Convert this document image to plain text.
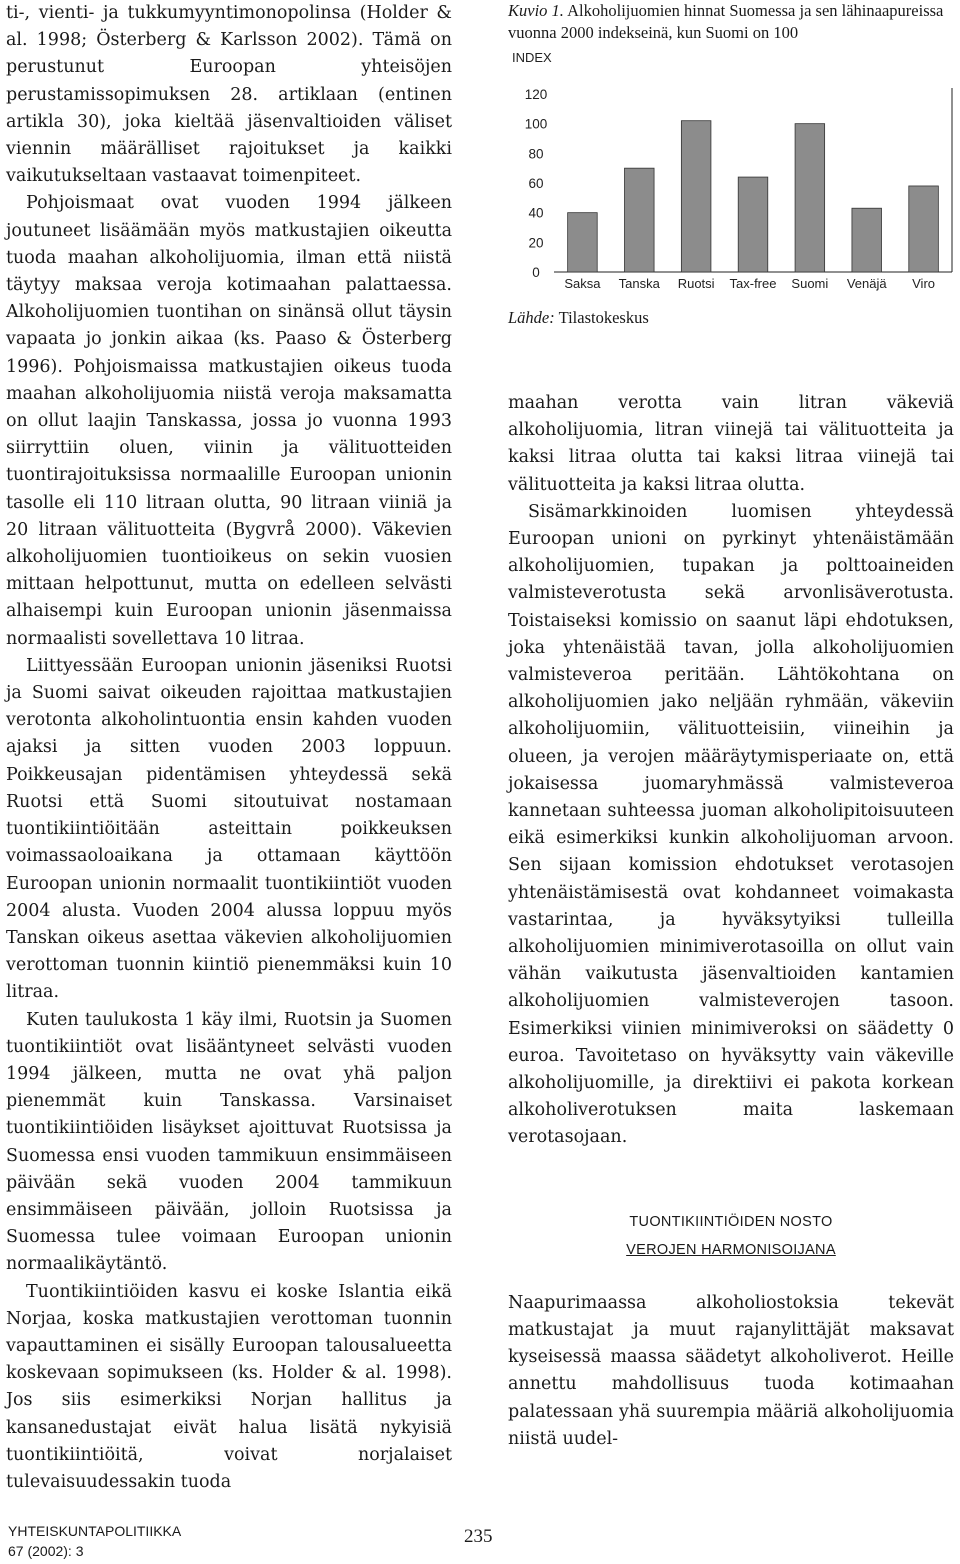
ti-, vienti- ja tukkumyyntimonopolinsa (Holder & al. 1998; Österberg & Karlsson 2002). Tämä on perustunut Euroopan yhteisöjen perustamissopimuksen 28. artiklaan (entinen artikla 30), joka kieltää jäsenvaltioiden väliset viennin määrälliset rajoitukset ja kaikki vaikutukseltaan vastaavat toimenpiteet.

Pohjoismaat ovat vuoden 1994 jälkeen joutuneet lisäämään myös matkustajien oikeutta tuoda maahan alkoholijuomia, ilman että niistä täytyy maksaa veroja kotimaahan palattaessa. Alkoholijuomien tuontihan on sinänsä ollut täysin vapaata jo jonkin aikaa (ks. Paaso & Österberg 1996). Pohjoismaissa matkustajien oikeus tuoda maahan alkoholijuomia niistä veroja maksamatta on ollut laajin Tanskassa, jossa jo vuonna 1993 siirryttiin oluen, viinin ja välituotteiden tuontirajoituksissa normaalille Euroopan unionin tasolle eli 110 litraan olutta, 90 litraan viiniä ja 20 litraan välituotteita (Bygvrå 2000). Väkevien alkoholijuomien tuontioikeus on sekin vuosien mittaan helpottunut, mutta on edelleen selvästi alhaisempi kuin Euroopan unionin jäsenmaissa normaalisti sovellettava 10 litraa.

Liittyessään Euroopan unionin jäseniksi Ruotsi ja Suomi saivat oikeuden rajoittaa matkustajien verotonta alkoholintuontia ensin kahden vuoden ajaksi ja sitten vuoden 2003 loppuun. Poikkeusajan pidentämisen yhteydessä sekä Ruotsi että Suomi sitoutuivat nostamaan tuontikiintiöitään asteittain poikkeuksen voimassaoloaikana ja ottamaan käyttöön Euroopan unionin normaalit tuontikiintiöt vuoden 2004 alusta. Vuoden 2004 alussa loppuu myös Tanskan oikeus asettaa väkevien alkoholijuomien verottoman tuonnin kiintiö pienemmäksi kuin 10 litraa.

Kuten taulukosta 1 käy ilmi, Ruotsin ja Suomen tuontikiintiöt ovat lisääntyneet selvästi vuoden 1994 jälkeen, mutta ne ovat yhä paljon pienemmät kuin Tanskassa. Varsinaiset tuontikiintiöiden lisäykset ajoittuvat Ruotsissa ja Suomessa ensi vuoden tammikuun ensimmäiseen päivään sekä vuoden 2004 tammikuun ensimmäiseen päivään, jolloin Ruotsissa ja Suomessa tulee voimaan Euroopan unionin normaalikäytäntö.

Tuontikiintiöiden kasvu ei koske Islantia eikä Norjaa, koska matkustajien verottoman tuonnin vapauttaminen ei sisälly Euroopan talousalueetta koskevaan sopimukseen (ks. Holder & al. 1998). Jos siis esimerkiksi Norjan hallitus ja kansanedustajat eivät halua lisätä nykyisiä tuontikiintiöitä, voivat norjalaiset tulevaisuudessakin tuoda

Kuvio 1. Alkoholijuomien hinnat Suomessa ja sen lähinaapureissa vuonna 2000 indekseinä, kun Suomi on 100

INDEX
0
20
40
60
80
100
120
Saksa Tanska Ruotsi Tax-free Suomi Venäjä Viro

Lähde: Tilastokeskus

maahan verotta vain litran väkeviä alkoholijuomia, litran viinejä tai välituotteita ja kaksi litraa olutta tai kaksi litraa viinejä tai välituotteita ja kaksi litraa olutta.

Sisämarkkinoiden luomisen yhteydessä Euroopan unioni on pyrkinyt yhtenäistämään alkoholijuomien, tupakan ja polttoaineiden valmisteverotusta sekä arvonlisäverotusta. Toistaiseksi komissio on saanut läpi ehdotuksen, joka yhtenäistää tavan, jolla alkoholijuomien valmisteveroa peritään. Lähtökohtana on alkoholijuomien jako neljään ryhmään, väkeviin alkoholijuomiin, välituotteisiin, viineihin ja olueen, ja verojen määräytymisperiaate on, että jokaisessa juomaryhmässä valmisteveroa kannetaan suhteessa juoman alkoholipitoisuuteen eikä esimerkiksi kunkin alkoholijuoman arvoon. Sen sijaan komission ehdotukset verotasojen yhtenäistämisestä ovat kohdanneet voimakasta vastarintaa, ja hyväksytyiksi tulleilla alkoholijuomien minimiverotasoilla on ollut vain vähän vaikutusta jäsenvaltioiden kantamien alkoholijuomien valmisteverojen tasoon. Esimerkiksi viinien minimiveroksi on säädetty 0 euroa. Tavoitetaso on hyväksytty vain väkeville alkoholijuomille, ja direktiivi ei pakota korkean alkoholiverotuksen maita laskemaan verotasojaan.

TUONTIKIINTIÖIDEN NOSTO
VEROJEN HARMONISOIJANA

Naapurimaassa alkoholiostoksia tekevät matkustajat ja muut rajanylittäjät maksavat kyseisessä maassa säädetyt alkoholiverot. Heille annettu mahdollisuus tuoda kotimaahan palatessaan yhä suurempia määriä alkoholijuomia niistä uudel-

YHTEISKUNTAPOLITIIKKA
67 (2002): 3
235
